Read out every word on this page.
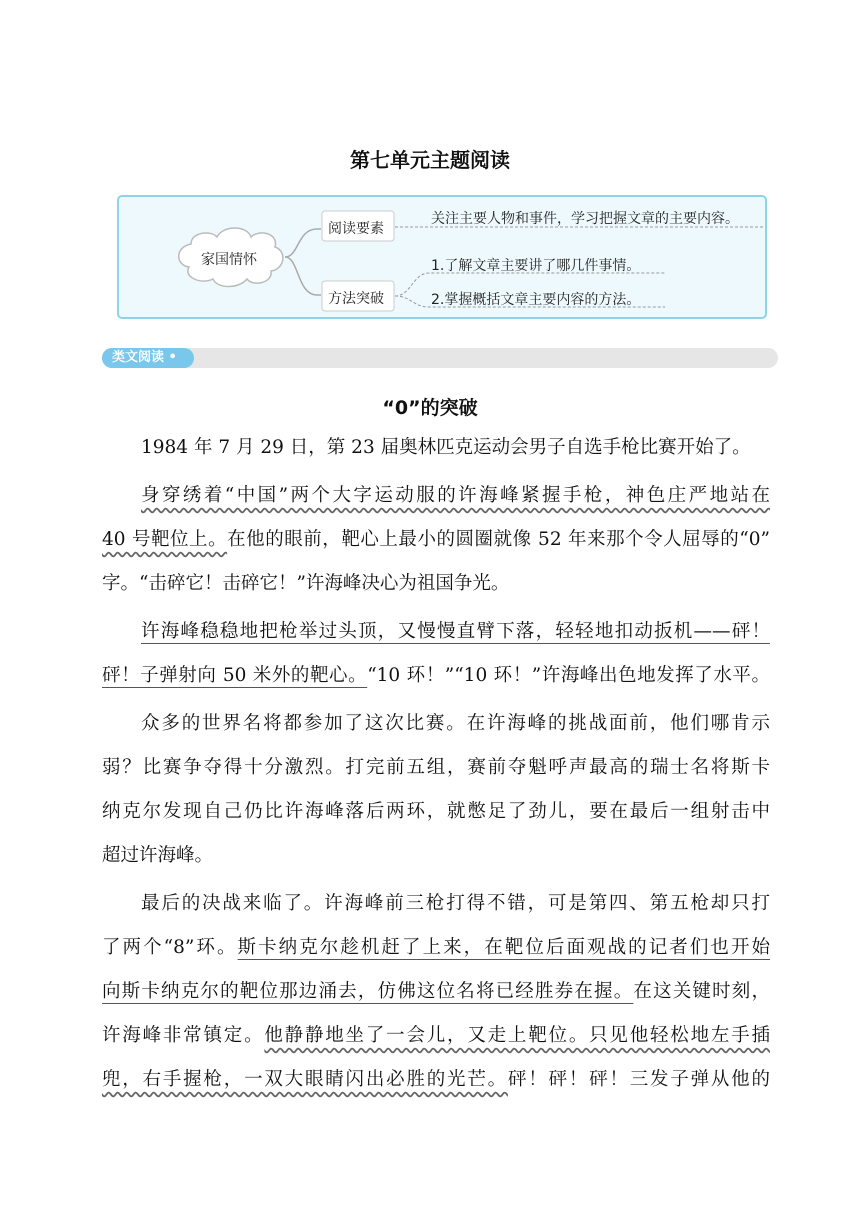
第七单元主题阅读
家国情怀
阅读要素
方法突破
关注主要人物和事件，学习把握文章的主要内容。
1.了解文章主要讲了哪几件事情。
2.掌握概括文章主要内容的方法。
类文阅读 •
“0”的突破
1984 年 7 月 29 日，第 23 届奥林匹克运动会男子自选手枪比赛开始了。
身穿绣着“中国”两个大字运动服的许海峰紧握手枪，神色庄严地站在
40 号靶位上。在他的眼前，靶心上最小的圆圈就像 52 年来那个令人屈辱的“0”
字。“击碎它！击碎它！”许海峰决心为祖国争光。
许海峰稳稳地把枪举过头顶，又慢慢直臂下落，轻轻地扣动扳机——砰！
砰！子弹射向 50 米外的靶心。“10 环！”“10 环！”许海峰出色地发挥了水平。
众多的世界名将都参加了这次比赛。在许海峰的挑战面前，他们哪肯示
弱？比赛争夺得十分激烈。打完前五组，赛前夺魁呼声最高的瑞士名将斯卡
纳克尔发现自己仍比许海峰落后两环，就憋足了劲儿，要在最后一组射击中
超过许海峰。
最后的决战来临了。许海峰前三枪打得不错，可是第四、第五枪却只打
了两个“8”环。斯卡纳克尔趁机赶了上来，在靶位后面观战的记者们也开始
向斯卡纳克尔的靶位那边涌去，仿佛这位名将已经胜券在握。在这关键时刻，
许海峰非常镇定。他静静地坐了一会儿，又走上靶位。只见他轻松地左手插
兜，右手握枪，一双大眼睛闪出必胜的光芒。砰！砰！砰！三发子弹从他的
